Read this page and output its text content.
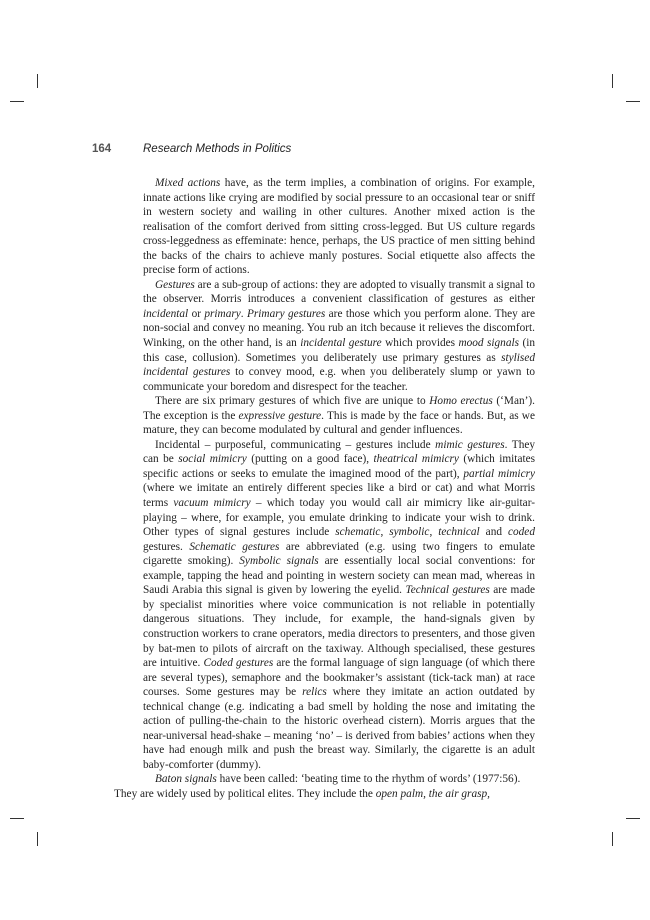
164	Research Methods in Politics

Mixed actions have, as the term implies, a combination of origins. For example, innate actions like crying are modified by social pressure to an occasional tear or sniff in western society and wailing in other cultures. Another mixed action is the realisation of the comfort derived from sitting cross-legged. But US culture regards cross-leggedness as effeminate: hence, perhaps, the US practice of men sitting behind the backs of the chairs to achieve manly postures. Social etiquette also affects the precise form of actions.

Gestures are a sub-group of actions: they are adopted to visually transmit a signal to the observer. Morris introduces a convenient classification of gestures as either incidental or primary. Primary gestures are those which you perform alone. They are non-social and convey no meaning. You rub an itch because it relieves the discomfort. Winking, on the other hand, is an incidental gesture which provides mood signals (in this case, collusion). Sometimes you deliberately use primary gestures as stylised incidental gestures to convey mood, e.g. when you deliberately slump or yawn to communicate your boredom and disrespect for the teacher.

There are six primary gestures of which five are unique to Homo erectus (‘Man’). The exception is the expressive gesture. This is made by the face or hands. But, as we mature, they can become modulated by cultural and gender influences.

Incidental – purposeful, communicating – gestures include mimic gestures. They can be social mimicry (putting on a good face), theatrical mimicry (which imitates specific actions or seeks to emulate the imagined mood of the part), partial mimicry (where we imitate an entirely different species like a bird or cat) and what Morris terms vacuum mimicry – which today you would call air mimicry like air-guitar-playing – where, for example, you emulate drinking to indicate your wish to drink. Other types of signal gestures include schematic, symbolic, technical and coded gestures. Schematic gestures are abbreviated (e.g. using two fingers to emulate cigarette smoking). Symbolic signals are essentially local social conventions: for example, tapping the head and pointing in western society can mean mad, whereas in Saudi Arabia this signal is given by lowering the eyelid. Technical gestures are made by specialist minorities where voice communication is not reliable in potentially dangerous situations. They include, for example, the hand-signals given by construction workers to crane operators, media directors to presenters, and those given by bat-men to pilots of aircraft on the taxiway. Although specialised, these gestures are intuitive. Coded gestures are the formal language of sign language (of which there are several types), semaphore and the bookmaker’s assistant (tick-tack man) at race courses. Some gestures may be relics where they imitate an action outdated by technical change (e.g. indicating a bad smell by holding the nose and imitating the action of pulling-the-chain to the historic overhead cistern). Morris argues that the near-universal head-shake – meaning ‘no’ – is derived from babies’ actions when they have had enough milk and push the breast way. Similarly, the cigarette is an adult baby-comforter (dummy).

Baton signals have been called: ‘beating time to the rhythm of words’ (1977:56).

They are widely used by political elites. They include the open palm, the air grasp,
